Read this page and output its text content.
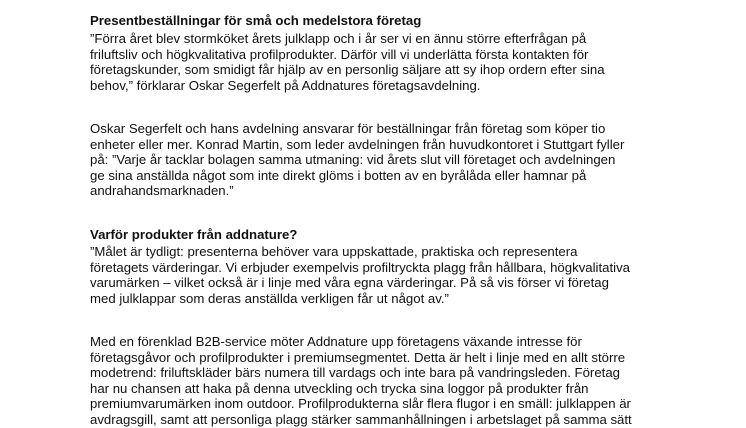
Presentbeställningar för små och medelstora företag
”Förra året blev stormköket årets julklapp och i år ser vi en ännu större efterfrågan på
friluftsliv och högkvalitativa profilprodukter. Därför vill vi underlätta första kontakten för
företagskunder, som smidigt får hjälp av en personlig säljare att sy ihop ordern efter sina
behov,” förklarar Oskar Segerfelt på Addnatures företagsavdelning.
Oskar Segerfelt och hans avdelning ansvarar för beställningar från företag som köper tio
enheter eller mer. Konrad Martin, som leder avdelningen från huvudkontoret i Stuttgart fyller
på: ”Varje år tacklar bolagen samma utmaning: vid årets slut vill företaget och avdelningen
ge sina anställda något som inte direkt glöms i botten av en byrålåda eller hamnar på
andrahandsmarknaden.”
Varför produkter från addnature?
”Målet är tydligt: presenterna behöver vara uppskattade, praktiska och representera
företagets värderingar. Vi erbjuder exempelvis profiltryckta plagg från hållbara, högkvalitativa
varumärken – vilket också är i linje med våra egna värderingar. På så vis förser vi företag
med julklappar som deras anställda verkligen får ut något av.”
Med en förenklad B2B-service möter Addnature upp företagens växande intresse för
företagsgåvor och profilprodukter i premiumsegmentet. Detta är helt i linje med en allt större
modetrend: friluftskläder bärs numera till vardags och inte bara på vandringsleden. Företag
har nu chansen att haka på denna utveckling och trycka sina loggor på produkter från
premiumvarumärken inom outdoor. Profilprodukterna slår flera flugor i en smäll: julklappen är
avdragsgill, samt att personliga plagg stärker sammanhållningen i arbetslaget på samma sätt
